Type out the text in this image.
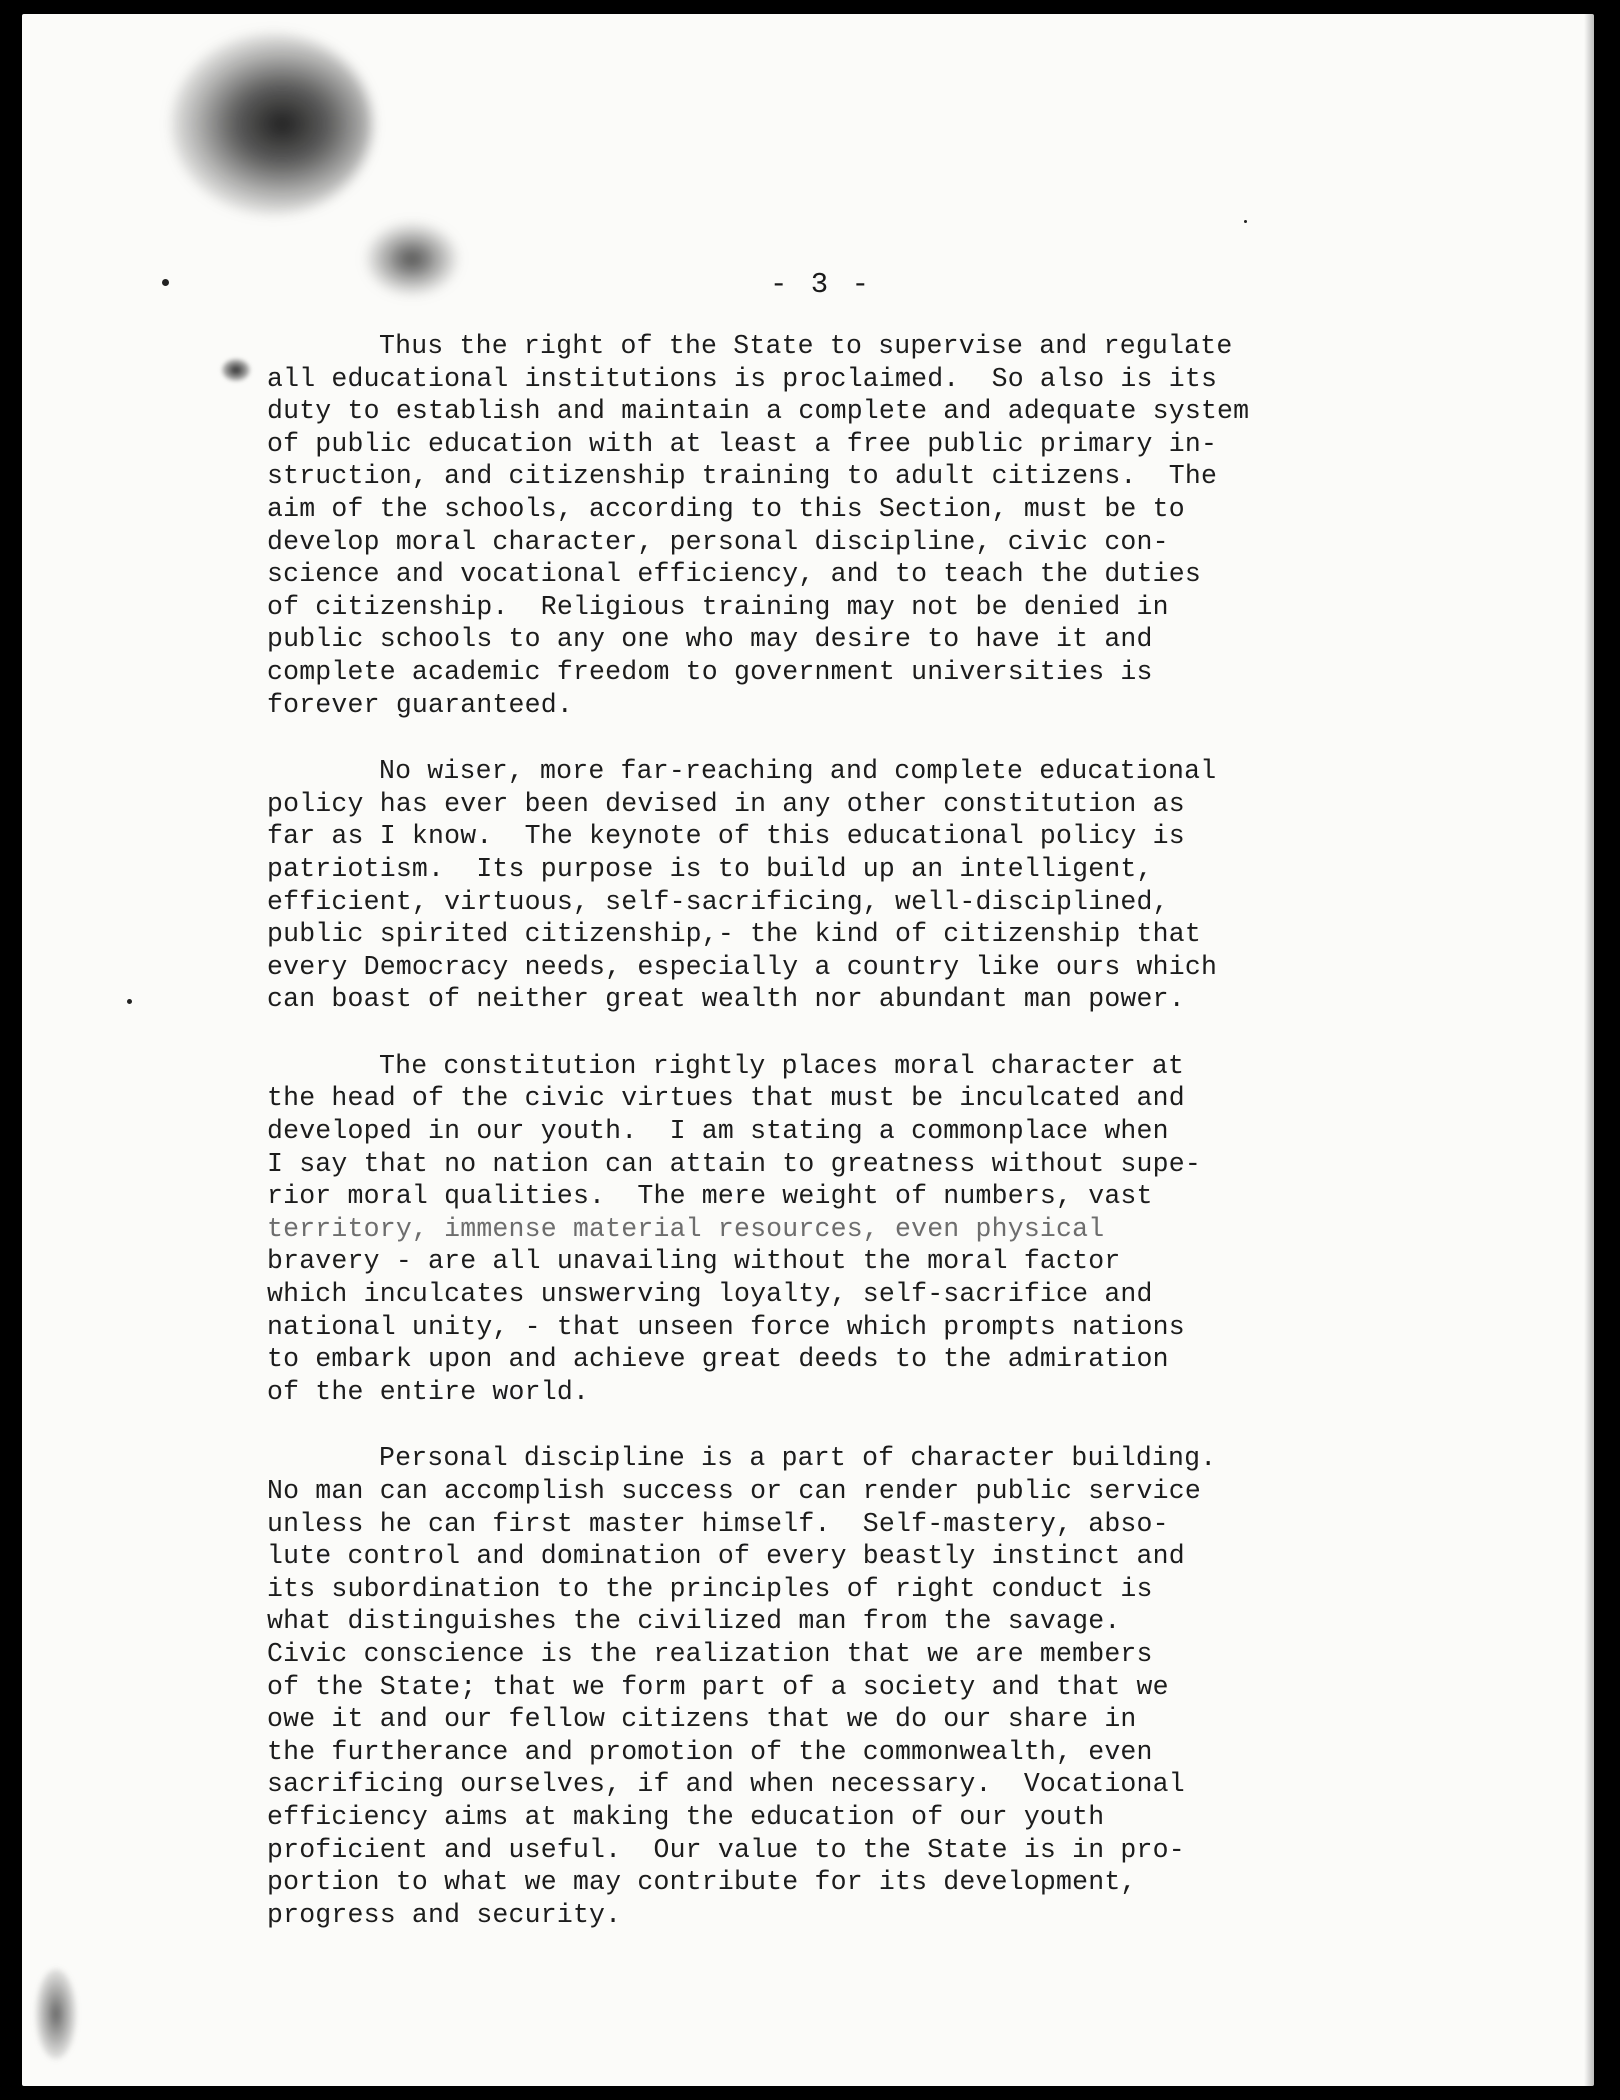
- 3 -
Thus the right of the State to supervise and regulate
all educational institutions is proclaimed.  So also is its
duty to establish and maintain a complete and adequate system
of public education with at least a free public primary in-
struction, and citizenship training to adult citizens.  The
aim of the schools, according to this Section, must be to
develop moral character, personal discipline, civic con-
science and vocational efficiency, and to teach the duties
of citizenship.  Religious training may not be denied in
public schools to any one who may desire to have it and
complete academic freedom to government universities is
forever guaranteed.
No wiser, more far-reaching and complete educational
policy has ever been devised in any other constitution as
far as I know.  The keynote of this educational policy is
patriotism.  Its purpose is to build up an intelligent,
efficient, virtuous, self-sacrificing, well-disciplined,
public spirited citizenship,- the kind of citizenship that
every Democracy needs, especially a country like ours which
can boast of neither great wealth nor abundant man power.
The constitution rightly places moral character at
the head of the civic virtues that must be inculcated and
developed in our youth.  I am stating a commonplace when
I say that no nation can attain to greatness without supe-
rior moral qualities.  The mere weight of numbers, vast
territory, immense material resources, even physical
bravery - are all unavailing without the moral factor
which inculcates unswerving loyalty, self-sacrifice and
national unity, - that unseen force which prompts nations
to embark upon and achieve great deeds to the admiration
of the entire world.
Personal discipline is a part of character building.
No man can accomplish success or can render public service
unless he can first master himself.  Self-mastery, abso-
lute control and domination of every beastly instinct and
its subordination to the principles of right conduct is
what distinguishes the civilized man from the savage.
Civic conscience is the realization that we are members
of the State; that we form part of a society and that we
owe it and our fellow citizens that we do our share in
the furtherance and promotion of the commonwealth, even
sacrificing ourselves, if and when necessary.  Vocational
efficiency aims at making the education of our youth
proficient and useful.  Our value to the State is in pro-
portion to what we may contribute for its development,
progress and security.
